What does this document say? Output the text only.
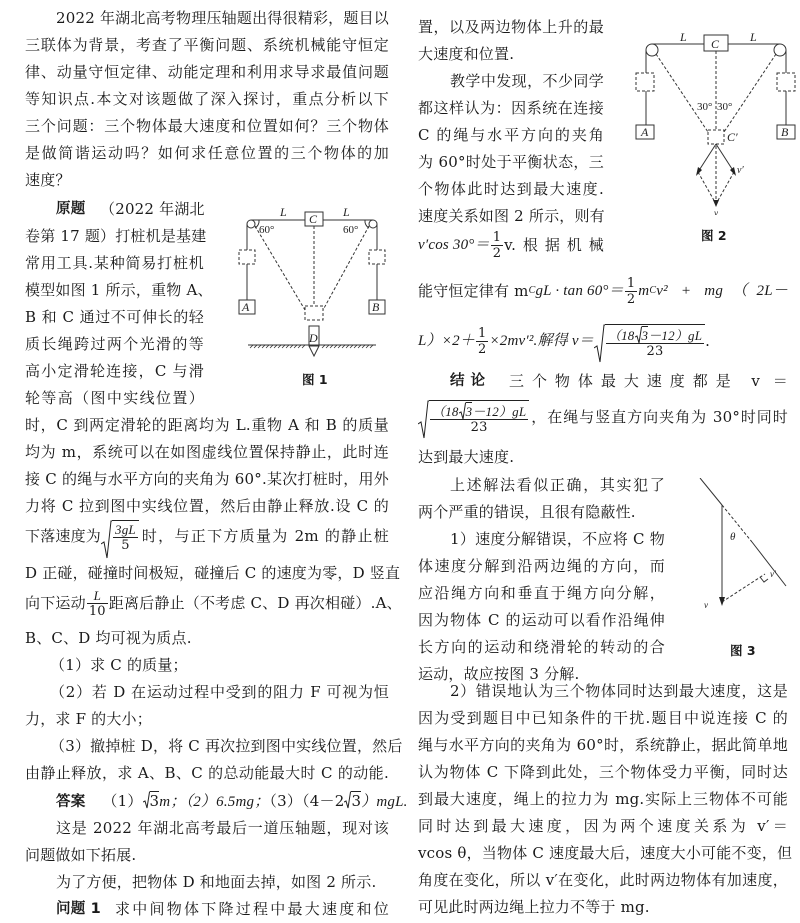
2022 年湖北高考物理压轴题出得很精彩，题目以
三联体为背景，考查了平衡问题、系统机械能守恒定
律、动量守恒定律、动能定理和利用求导求最值问题
等知识点.本文对该题做了深入探讨，重点分析以下
三个问题：三个物体最大速度和位置如何？三个物体
是做简谐运动吗？如何求任意位置的三个物体的加
速度？
原题 （2022 年湖北
卷第 17 题）打桩机是基建
常用工具.某种简易打桩机
模型如图 1 所示，重物 A、
B 和 C 通过不可伸长的轻
质长绳跨过两个光滑的等
高小定滑轮连接，C 与滑
轮等高（图中实线位置）
时，C 到两定滑轮的距离均为 L.重物 A 和 B 的质量
均为 m，系统可以在如图虚线位置保持静止，此时连
接 C 的绳与水平方向的夹角为 60°.某次打桩时，用外
力将 C 拉到图中实线位置，然后由静止释放.设 C 的
下落速度为 $\frac{3gL}{5}$ 时，与正下方质量为 2m 的静止桩
D 正碰，碰撞时间极短，碰撞后 C 的速度为零，D 竖直
向下运动 $\frac{L}{10}$ 距离后静止（不考虑 C、D 再次相碰）.A、
B、C、D 均可视为质点.
（1）求 C 的质量；
（2）若 D 在运动过程中受到的阻力 F 可视为恒
力，求 F 的大小；
（3）撤掉桩 D，将 C 再次拉到图中实线位置，然后
由静止释放，求 A、B、C 的总动能最大时 C 的动能.
答案 （1） 3m；（2）6.5mg；（3）（4－2 3）mgL.
这是 2022 年湖北高考最后一道压轴题，现对该
问题做如下拓展.
为了方便，把物体 D 和地面去掉，如图 2 所示.
问题 1 求中间物体下降过程中最大速度和位
L	L
C
A	B
D
60°	60°
图 1
置，以及两边物体上升的最
大速度和位置.
教学中发现，不少同学
都这样认为：因系统在连接
C 的绳与水平方向的夹角
为 60°时处于平衡状态，三
个物体此时达到最大速度.
速度关系如图 2 所示，则有
v′cos $30^\circ= \frac{1}{2} v$.根据机械
能守恒定律有 m C gL · $\tan 60^\circ= \frac{1}{2}$ m C v² + mg（2L－
$L)\times 2+ \frac{1}{2} \times 2mv'^2$.解得 $v= \frac{(18 3-12)gL}{23}$ .
结论 三个物体最大速度都是 v ＝
$\frac{(18 3-12)gL}{23}$ ，在绳与竖直方向夹角为 30°时同时
达到最大速度.
上述解法看似正确，其实犯了
两个严重的错误，且很有隐蔽性.
1）速度分解错误，不应将 C 物
体速度分解到沿两边绳的方向，而
应沿绳方向和垂直于绳方向分解，
因为物体 C 的运动可以看作沿绳伸
长方向的运动和绕滑轮的转动的合
运动，故应按图 3 分解.
2）错误地认为三个物体同时达到最大速度，这是
因为受到题目中已知条件的干扰.题目中说连接 C 的
绳与水平方向的夹角为 60°时，系统静止，据此简单地
认为物体 C 下降到此处，三个物体受力平衡，同时达
到最大速度，绳上的拉力为 mg.实际上三物体不可能
同时达到最大速度，因为两个速度关系为 v′＝
vcos θ，当物体 C 速度最大后，速度大小可能不变，但
角度在变化，所以 v′在变化，此时两边物体有加速度，
可见此时两边绳上拉力不等于 mg.
L	L
C
A	B
C′
v′
v
30° 30°
图 2
θ
v′
v
图 3
